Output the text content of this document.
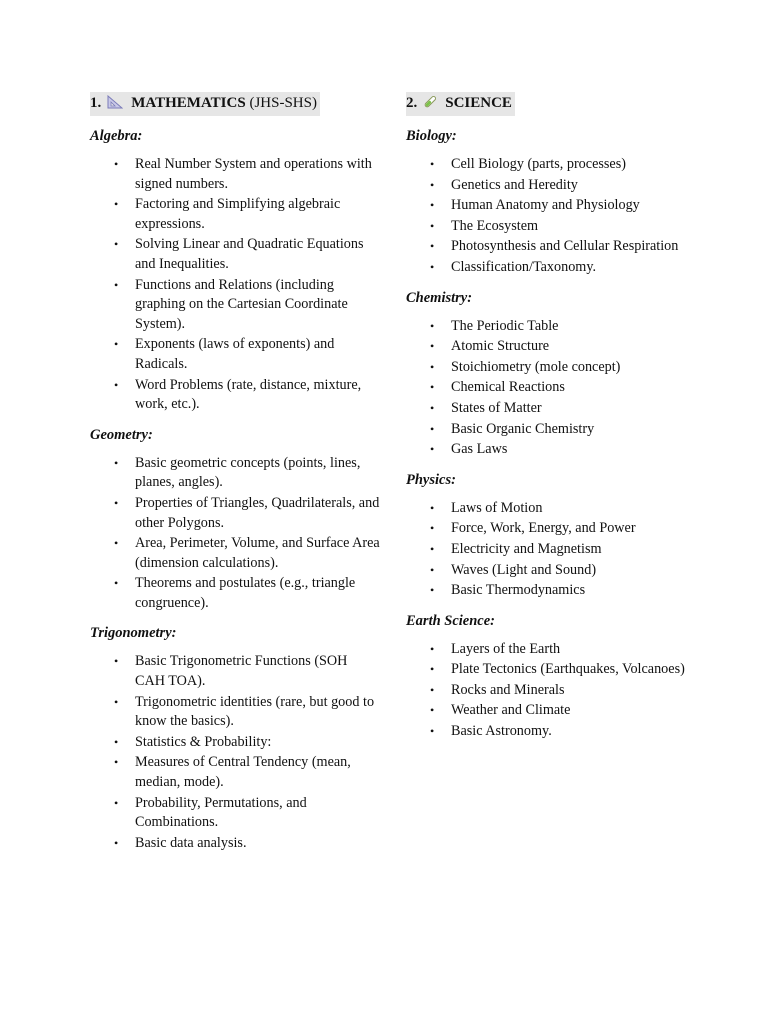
1. MATHEMATICS (JHS-SHS)
Algebra:
• Real Number System and operations with signed numbers.
• Factoring and Simplifying algebraic expressions.
• Solving Linear and Quadratic Equations and Inequalities.
• Functions and Relations (including graphing on the Cartesian Coordinate System).
• Exponents (laws of exponents) and Radicals.
• Word Problems (rate, distance, mixture, work, etc.).
Geometry:
• Basic geometric concepts (points, lines, planes, angles).
• Properties of Triangles, Quadrilaterals, and other Polygons.
• Area, Perimeter, Volume, and Surface Area (dimension calculations).
• Theorems and postulates (e.g., triangle congruence).
Trigonometry:
• Basic Trigonometric Functions (SOH CAH TOA).
• Trigonometric identities (rare, but good to know the basics).
• Statistics & Probability:
• Measures of Central Tendency (mean, median, mode).
• Probability, Permutations, and Combinations.
• Basic data analysis.
2. SCIENCE
Biology:
• Cell Biology (parts, processes)
• Genetics and Heredity
• Human Anatomy and Physiology
• The Ecosystem
• Photosynthesis and Cellular Respiration
• Classification/Taxonomy.
Chemistry:
• The Periodic Table
• Atomic Structure
• Stoichiometry (mole concept)
• Chemical Reactions
• States of Matter
• Basic Organic Chemistry
• Gas Laws
Physics:
• Laws of Motion
• Force, Work, Energy, and Power
• Electricity and Magnetism
• Waves (Light and Sound)
• Basic Thermodynamics
Earth Science:
• Layers of the Earth
• Plate Tectonics (Earthquakes, Volcanoes)
• Rocks and Minerals
• Weather and Climate
• Basic Astronomy.
